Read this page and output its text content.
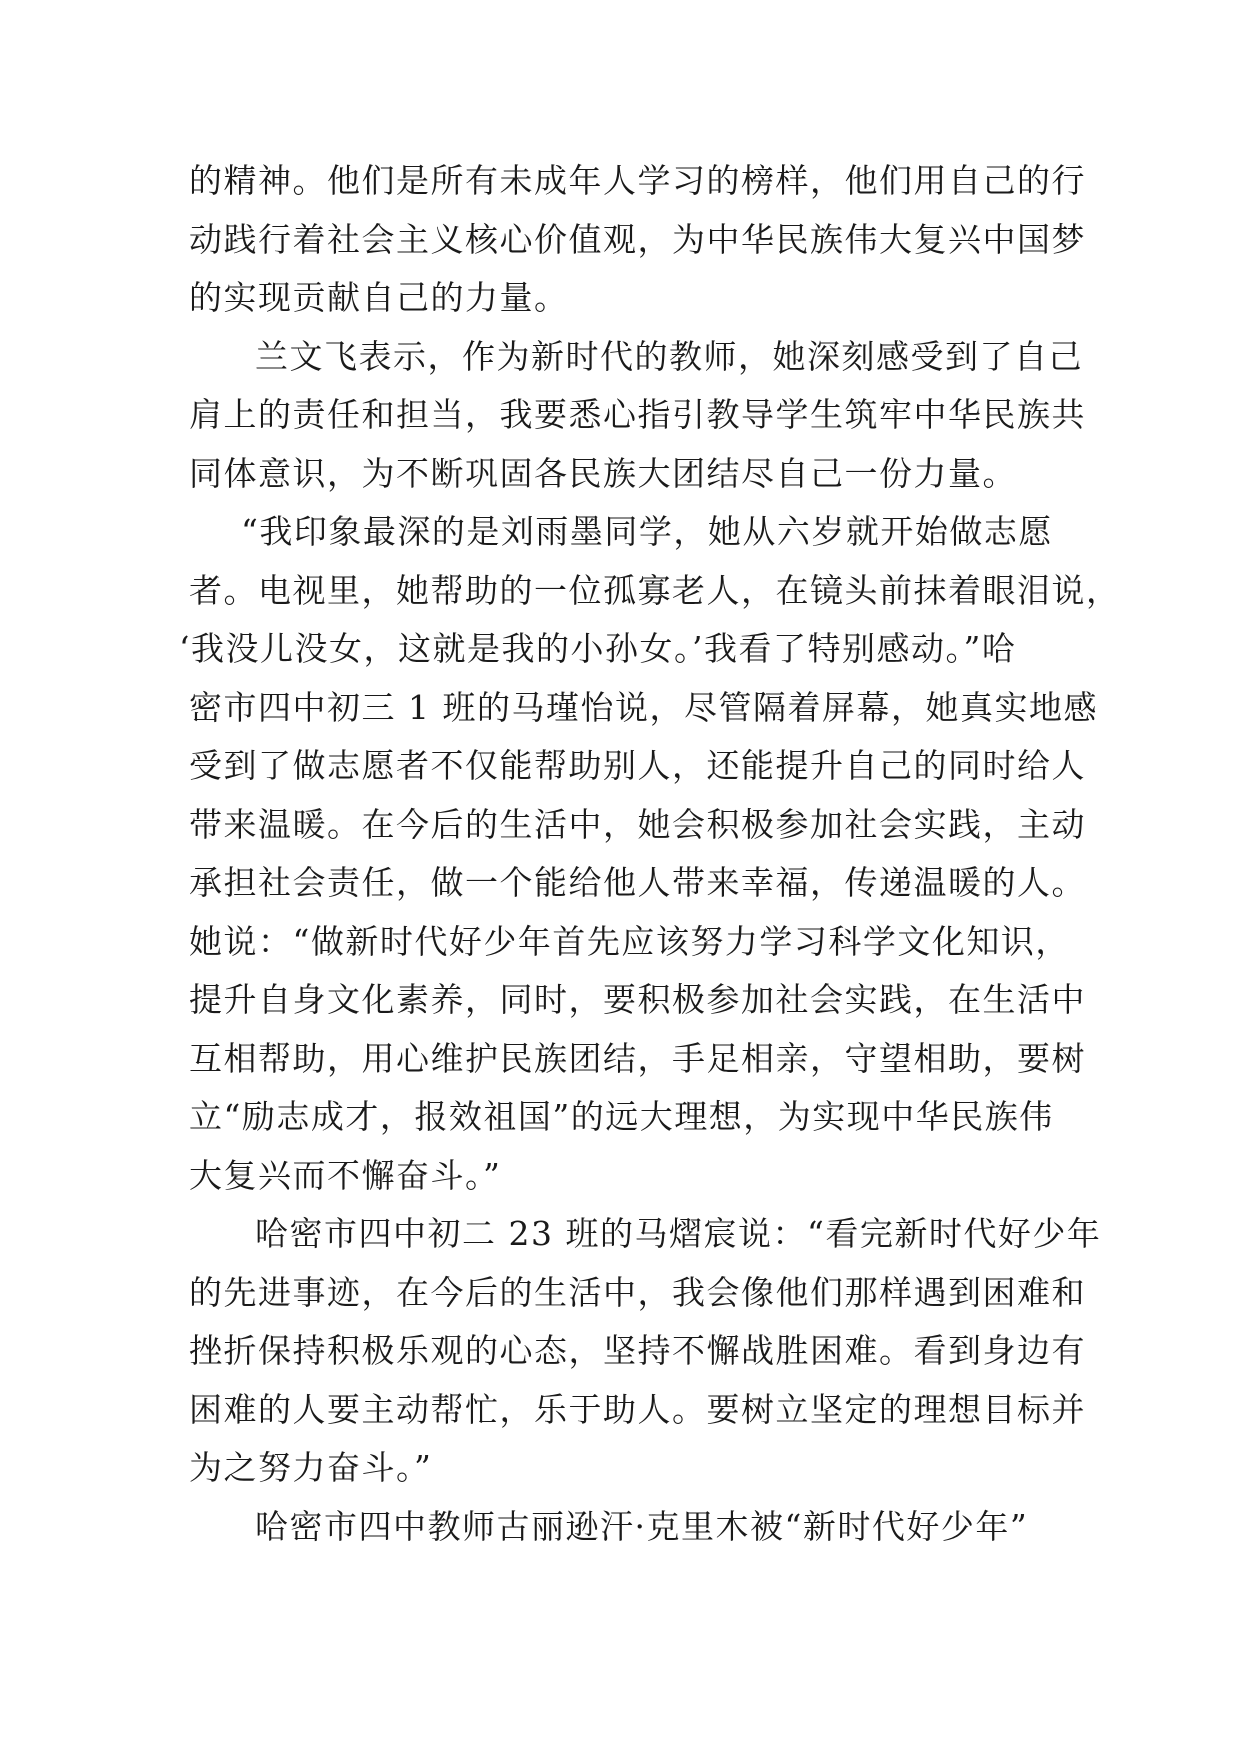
的精神。他们是所有未成年人学习的榜样，他们用自己的行
动践行着社会主义核心价值观，为中华民族伟大复兴中国梦
的实现贡献自己的力量。
兰文飞表示，作为新时代的教师，她深刻感受到了自己
肩上的责任和担当，我要悉心指引教导学生筑牢中华民族共
同体意识，为不断巩固各民族大团结尽自己一份力量。
“我印象最深的是刘雨墨同学，她从六岁就开始做志愿
者。电视里，她帮助的一位孤寡老人，在镜头前抹着眼泪说，
‘我没儿没女，这就是我的小孙女。’我看了特别感动。”哈
密市四中初三 1 班的马瑾怡说，尽管隔着屏幕，她真实地感
受到了做志愿者不仅能帮助别人，还能提升自己的同时给人
带来温暖。在今后的生活中，她会积极参加社会实践，主动
承担社会责任，做一个能给他人带来幸福，传递温暖的人。
她说：“做新时代好少年首先应该努力学习科学文化知识，
提升自身文化素养，同时，要积极参加社会实践，在生活中
互相帮助，用心维护民族团结，手足相亲，守望相助，要树
立“励志成才，报效祖国”的远大理想，为实现中华民族伟
大复兴而不懈奋斗。”
哈密市四中初二 23 班的马熠宸说：“看完新时代好少年
的先进事迹，在今后的生活中，我会像他们那样遇到困难和
挫折保持积极乐观的心态，坚持不懈战胜困难。看到身边有
困难的人要主动帮忙，乐于助人。要树立坚定的理想目标并
为之努力奋斗。”
哈密市四中教师古丽逊汗·克里木被“新时代好少年”
